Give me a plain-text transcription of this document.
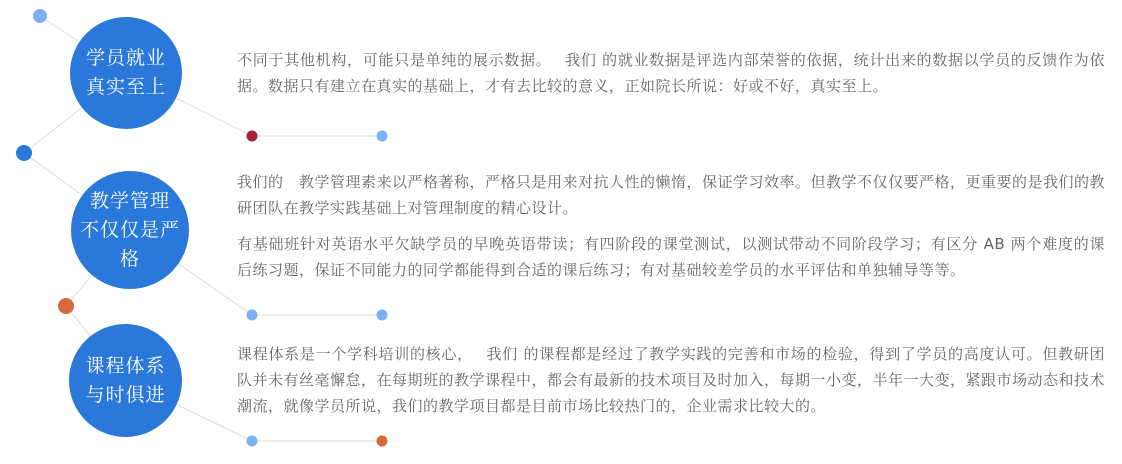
学员就业
真实至上
教学管理
不仅仅是严格
课程体系
与时俱进

不同于其他机构，可能只是单纯的展示数据。　 我们 的就业数据是评选内部荣誉的依据，统计出来的数据以学员的反馈作为依据。数据只有建立在真实的基础上，才有去比较的意义，正如院长所说：好或不好，真实至上。

我们的　教学管理素来以严格著称，严格只是用来对抗人性的懒惰，保证学习效率。但教学不仅仅要严格，更重要的是我们的教研团队在教学实践基础上对管理制度的精心设计。

有基础班针对英语水平欠缺学员的早晚英语带读；有四阶段的课堂测试，以测试带动不同阶段学习；有区分 AB 两个难度的课后练习题，保证不同能力的同学都能得到合适的课后练习；有对基础较差学员的水平评估和单独辅导等等。

课程体系是一个学科培训的核心，　 我们 的课程都是经过了教学实践的完善和市场的检验，得到了学员的高度认可。但教研团队并未有丝毫懈怠，在每期班的教学课程中，都会有最新的技术项目及时加入，每期一小变，半年一大变，紧跟市场动态和技术潮流，就像学员所说，我们的教学项目都是目前市场比较热门的，企业需求比较大的。
